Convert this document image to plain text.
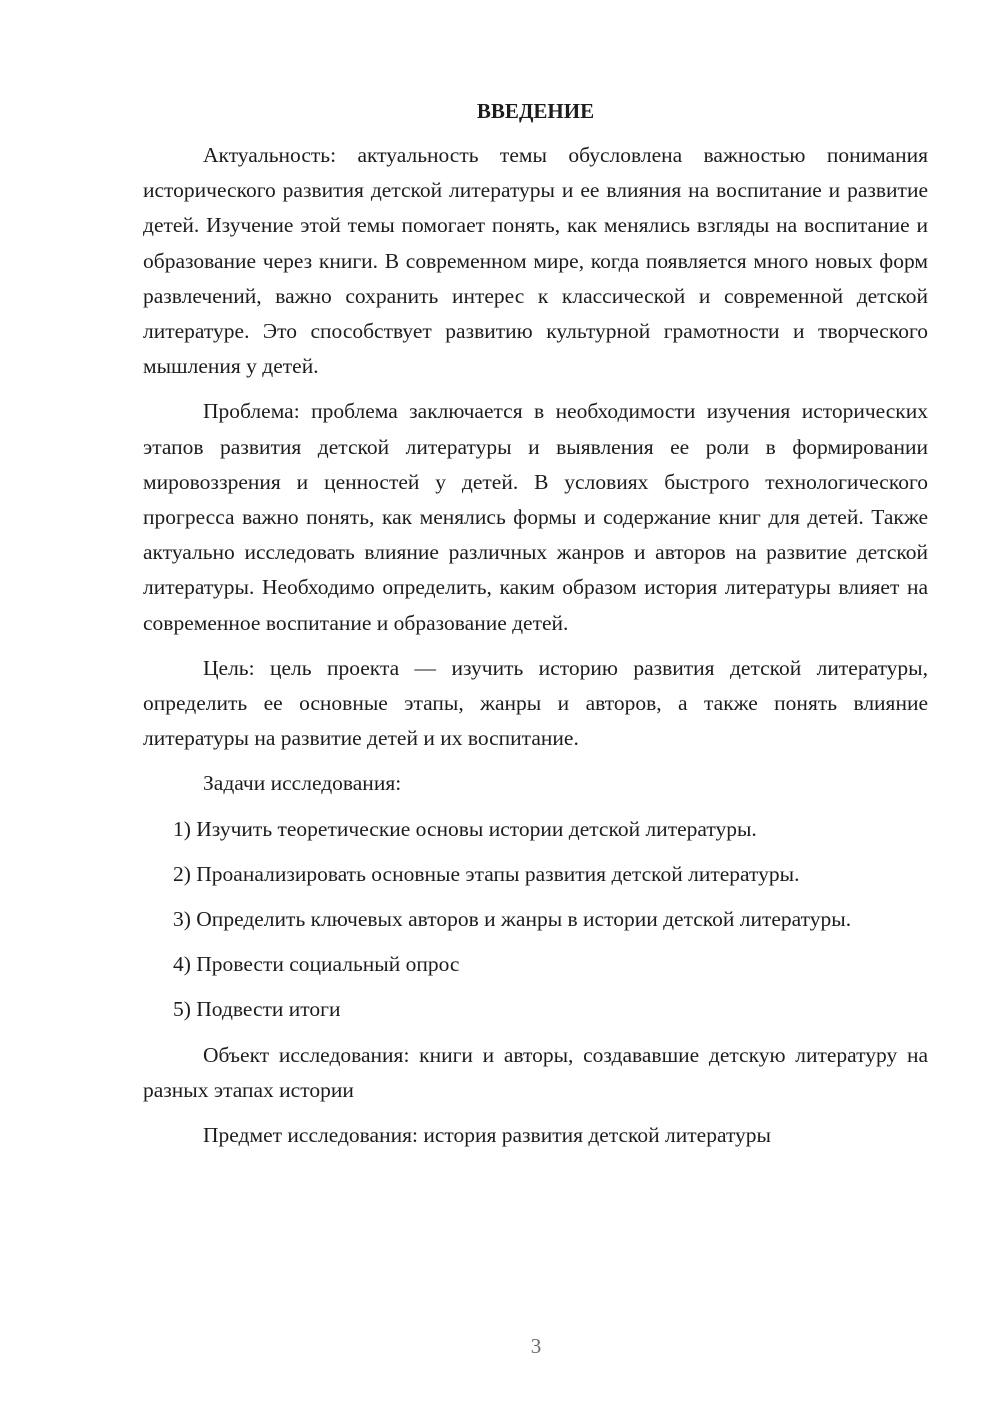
ВВЕДЕНИЕ

Актуальность: актуальность темы обусловлена важностью понимания исторического развития детской литературы и ее влияния на воспитание и развитие детей. Изучение этой темы помогает понять, как менялись взгляды на воспитание и образование через книги. В современном мире, когда появляется много новых форм развлечений, важно сохранить интерес к классической и современной детской литературе. Это способствует развитию культурной грамотности и творческого мышления у детей.

Проблема: проблема заключается в необходимости изучения исторических этапов развития детской литературы и выявления ее роли в формировании мировоззрения и ценностей у детей. В условиях быстрого технологического прогресса важно понять, как менялись формы и содержание книг для детей. Также актуально исследовать влияние различных жанров и авторов на развитие детской литературы. Необходимо определить, каким образом история литературы влияет на современное воспитание и образование детей.

Цель: цель проекта — изучить историю развития детской литературы, определить ее основные этапы, жанры и авторов, а также понять влияние литературы на развитие детей и их воспитание.

Задачи исследования:

1) Изучить теоретические основы истории детской литературы.

2) Проанализировать основные этапы развития детской литературы.

3) Определить ключевых авторов и жанры в истории детской литературы.

4) Провести социальный опрос

5) Подвести итоги

Объект исследования: книги и авторы, создававшие детскую литературу на разных этапах истории

Предмет исследования: история развития детской литературы

3
